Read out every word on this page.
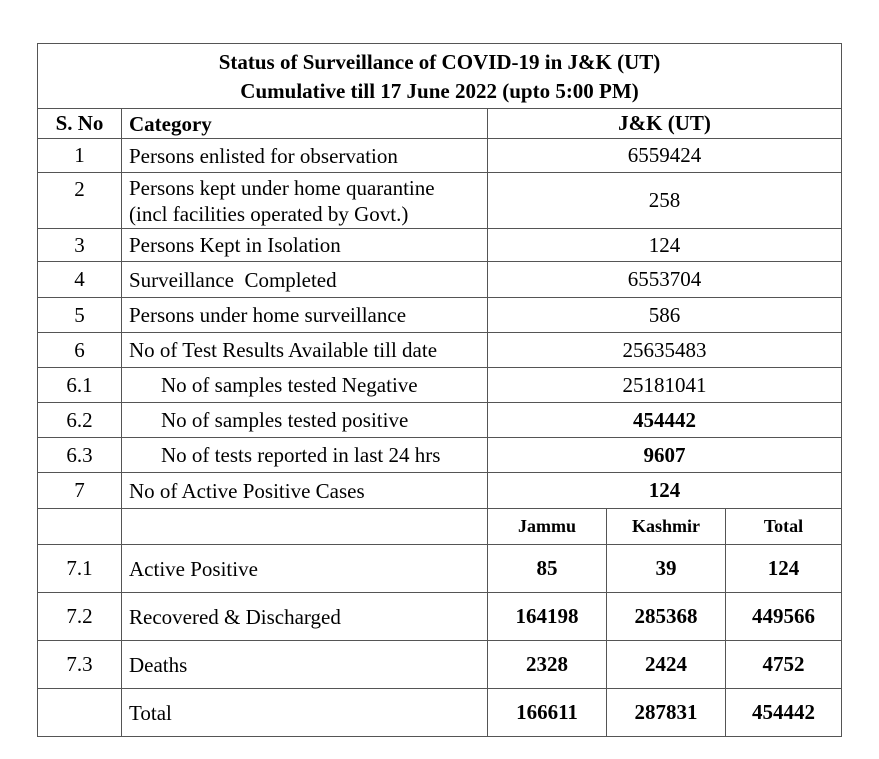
Status of Surveillance of COVID-19 in J&K (UT)
Cumulative till 17 June 2022 (upto 5:00 PM)				

S. No	Category	J&K (UT)		
1	Persons enlisted for observation	6559424		
2	Persons kept under home quarantine
(incl facilities operated by Govt.)	258		
3	Persons Kept in Isolation	124		
4	Surveillance  Completed	6553704		
5	Persons under home surveillance	586		
6	No of Test Results Available till date	25635483		
6.1	No of samples tested Negative	25181041		
6.2	No of samples tested positive	454442		
6.3	No of tests reported in last 24 hrs	9607		
7	No of Active Positive Cases	124		
		Jammu	Kashmir	Total
7.1	Active Positive	85	39	124
7.2	Recovered & Discharged	164198	285368	449566
7.3	Deaths	2328	2424	4752
	Total	166611	287831	454442
